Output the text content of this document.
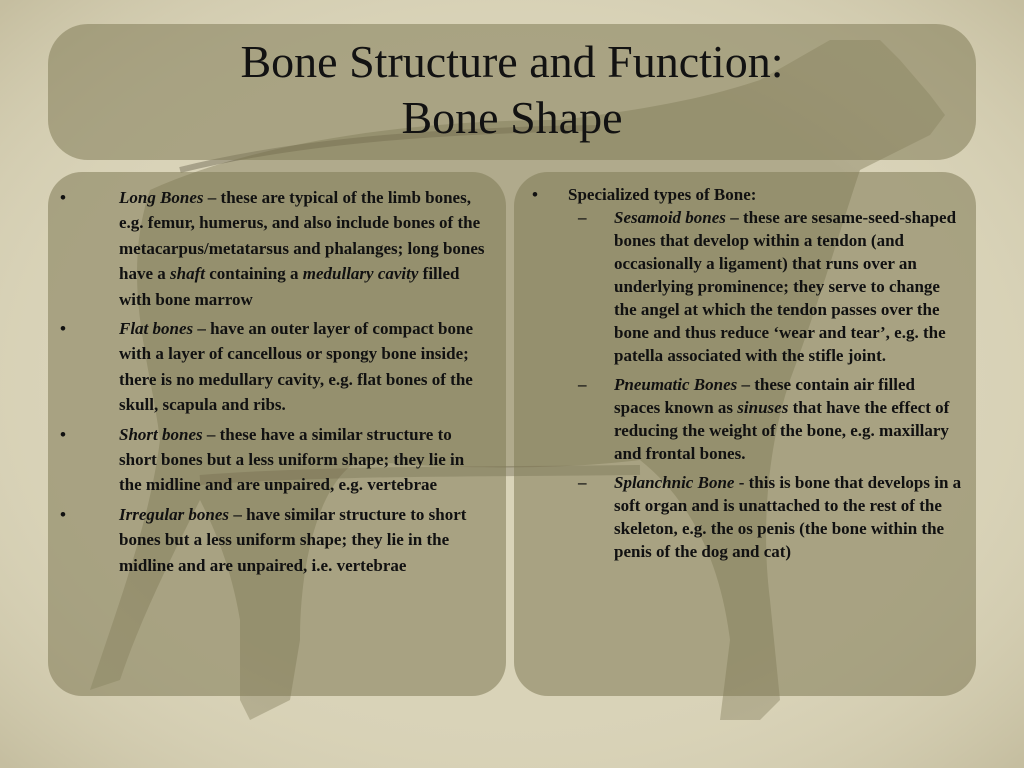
Bone Structure and Function:
Bone Shape
•	Long Bones – these are typical of the limb bones, e.g. femur, humerus, and also include bones of the metacarpus/metatarsus and phalanges; long bones have a shaft containing a medullary cavity filled with bone marrow
•	Flat bones – have an outer layer of compact bone with a layer of cancellous or spongy bone inside; there is no medullary cavity, e.g. flat bones of the skull, scapula and ribs.
•	Short bones – these have a similar structure to short bones but a less uniform shape; they lie in the midline and are unpaired, e.g. vertebrae
•	Irregular bones – have similar structure to short bones but a less uniform shape; they lie in the midline and are unpaired, i.e. vertebrae
• Specialized types of Bone:
– Sesamoid bones – these are sesame-seed-shaped bones that develop within a tendon (and occasionally a ligament) that runs over an underlying prominence; they serve to change the angel at which the tendon passes over the bone and thus reduce ‘wear and tear’, e.g. the patella associated with the stifle joint.
– Pneumatic Bones – these contain air filled spaces known as sinuses that have the effect of reducing the weight of the bone, e.g. maxillary and frontal bones.
– Splanchnic Bone - this is bone that develops in a soft organ and is unattached to the rest of the skeleton, e.g. the os penis (the bone within the penis of the dog and cat)
